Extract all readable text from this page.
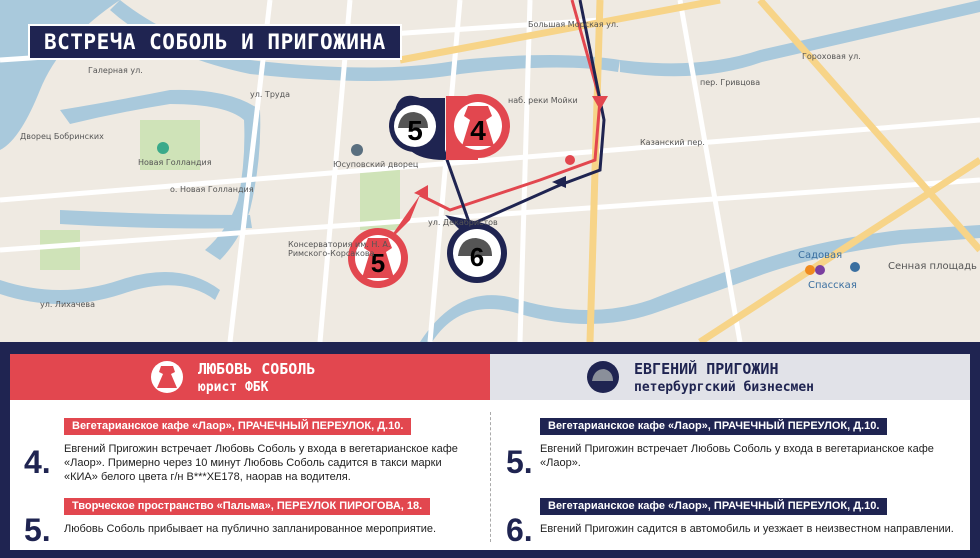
5 4
6
5
наб. реки Мойки
Большая Морская ул.
Дворец Бобринских
Новая Голландия
о. Новая Голландия
Юсуповский дворец
ул. Труда
Галерная ул.
Консерватория им. Н. А. Римского-Корсакова
ул. Декабристов
Казанский пер.
Гороховая ул.
пер. Гривцова
Садовая
Сенная площадь
Спасская
ул. Лихачева
ВСТРЕЧА СОБОЛЬ И ПРИГОЖИНА
ЛЮБОВЬ СОБОЛЬ
юрист ФБК
ЕВГЕНИЙ ПРИГОЖИН
петербургский бизнесмен
Вегетарианское кафе «Лаор», ПРАЧЕЧНЫЙ ПЕРЕУЛОК, Д.10.
4. Евгений Пригожин встречает Любовь Соболь у входа в вегетарианское кафе
«Лаор». Примерно через 10 минут Любовь Соболь садится в такси марки
«КИА» белого цвета г/н В***ХЕ178, наорав на водителя.
Творческое пространство «Пальма», ПЕРЕУЛОК ПИРОГОВА, 18.
5. Любовь Соболь прибывает на публично запланированное мероприятие.
Вегетарианское кафе «Лаор», ПРАЧЕЧНЫЙ ПЕРЕУЛОК, Д.10.
5. Евгений Пригожин встречает Любовь Соболь у входа в вегетарианское кафе
«Лаор».
Вегетарианское кафе «Лаор», ПРАЧЕЧНЫЙ ПЕРЕУЛОК, Д.10.
6. Евгений Пригожин садится в автомобиль и уезжает в неизвестном направлении.
